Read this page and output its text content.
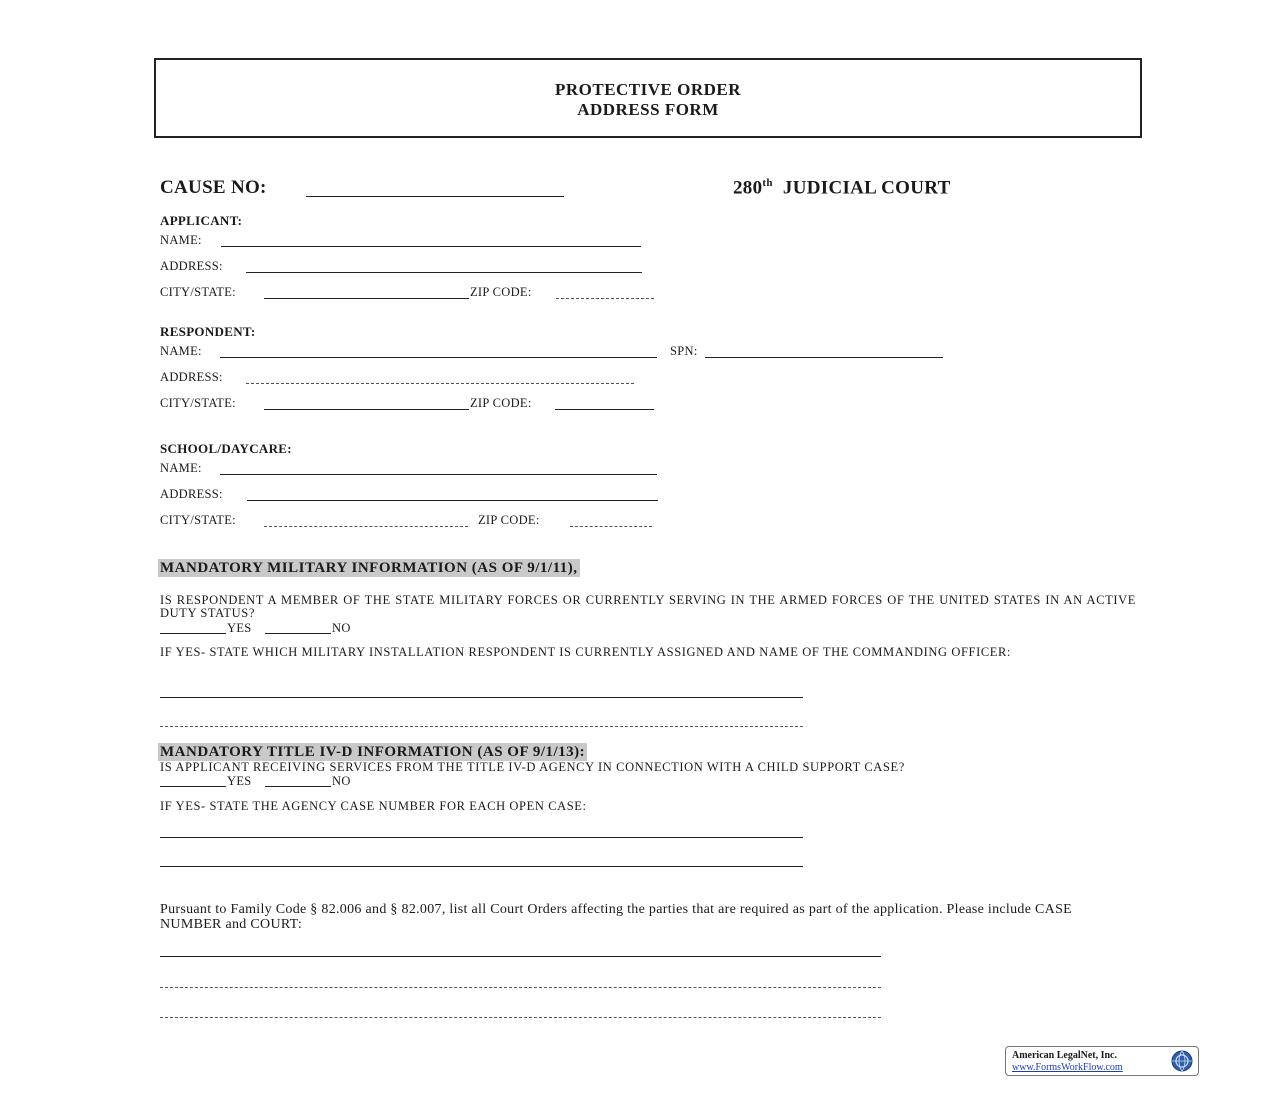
PROTECTIVE ORDER
ADDRESS FORM
CAUSE NO:	280th JUDICIAL COURT
APPLICANT:
NAME:
ADDRESS:
CITY/STATE:	ZIP CODE:
RESPONDENT:
NAME:	SPN:
ADDRESS:
CITY/STATE:	ZIP CODE:
SCHOOL/DAYCARE:
NAME:
ADDRESS:
CITY/STATE:	ZIP CODE:
MANDATORY MILITARY INFORMATION (AS OF 9/1/11),
IS RESPONDENT A MEMBER OF THE STATE MILITARY FORCES OR CURRENTLY SERVING IN THE ARMED FORCES OF THE UNITED STATES IN AN ACTIVE DUTY STATUS?
YES	NO
IF YES- STATE WHICH MILITARY INSTALLATION RESPONDENT IS CURRENTLY ASSIGNED AND NAME OF THE COMMANDING OFFICER:
MANDATORY TITLE IV-D INFORMATION (AS OF 9/1/13):
IS APPLICANT RECEIVING SERVICES FROM THE TITLE IV-D AGENCY IN CONNECTION WITH A CHILD SUPPORT CASE?
YES	NO
IF YES- STATE THE AGENCY CASE NUMBER FOR EACH OPEN CASE:
Pursuant to Family Code § 82.006 and § 82.007, list all Court Orders affecting the parties that are required as part of the application. Please include CASE NUMBER and COURT:
American LegalNet, Inc.
www.FormsWorkFlow.com
